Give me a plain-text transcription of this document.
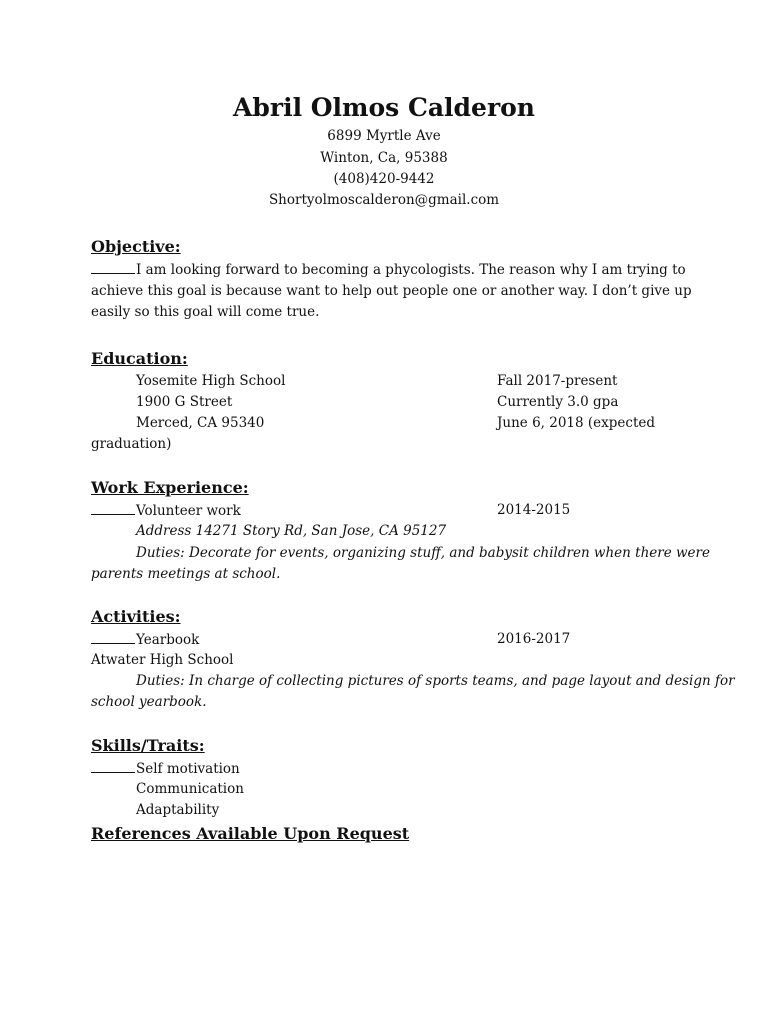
Abril Olmos Calderon
6899 Myrtle Ave
Winton, Ca, 95388
(408)420-9442
Shortyolmoscalderon@gmail.com
Objective:
I am looking forward to becoming a phycologists. The reason why I am trying to
achieve this goal is because want to help out people one or another way. I don’t give up
easily so this goal will come true.
Education:
Yosemite High School	Fall 2017-present
1900 G Street	Currently 3.0 gpa
Merced, CA 95340	June 6, 2018 (expected
graduation)
Work Experience:
Volunteer work	2014-2015
Address 14271 Story Rd, San Jose, CA 95127
Duties: Decorate for events, organizing stuff, and babysit children when there were
parents meetings at school.
Activities:
Yearbook	2016-2017
Atwater High School
Duties: In charge of collecting pictures of sports teams, and page layout and design for
school yearbook.
Skills/Traits:
Self motivation
Communication
Adaptability
References Available Upon Request
